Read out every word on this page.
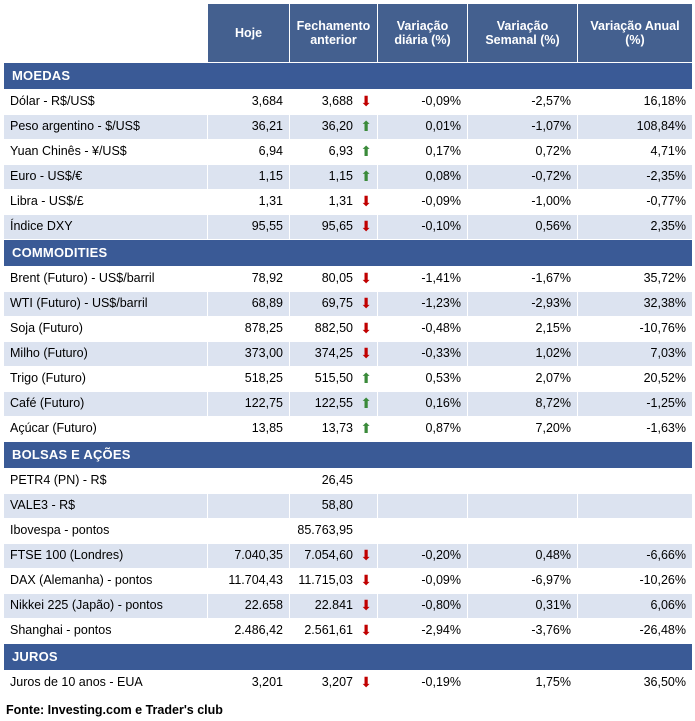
	Hoje	Fechamento anterior	Variação diária (%)	Variação Semanal (%)	Variação Anual (%)
MOEDAS					
Dólar - R$/US$	3,684	3,688 ⬇	-0,09%	-2,57%	16,18%
Peso argentino - $/US$	36,21	36,20 ⬆	0,01%	-1,07%	108,84%
Yuan Chinês - ¥/US$	6,94	6,93 ⬆	0,17%	0,72%	4,71%
Euro - US$/€	1,15	1,15 ⬆	0,08%	-0,72%	-2,35%
Libra - US$/£	1,31	1,31 ⬇	-0,09%	-1,00%	-0,77%
Índice DXY	95,55	95,65 ⬇	-0,10%	0,56%	2,35%
COMMODITIES					
Brent (Futuro) - US$/barril	78,92	80,05 ⬇	-1,41%	-1,67%	35,72%
WTI (Futuro) - US$/barril	68,89	69,75 ⬇	-1,23%	-2,93%	32,38%
Soja (Futuro)	878,25	882,50 ⬇	-0,48%	2,15%	-10,76%
Milho (Futuro)	373,00	374,25 ⬇	-0,33%	1,02%	7,03%
Trigo (Futuro)	518,25	515,50 ⬆	0,53%	2,07%	20,52%
Café (Futuro)	122,75	122,55 ⬆	0,16%	8,72%	-1,25%
Açúcar (Futuro)	13,85	13,73 ⬆	0,87%	7,20%	-1,63%
BOLSAS E AÇÕES					
PETR4 (PN) - R$		26,45			
VALE3 - R$		58,80			
Ibovespa - pontos		85.763,95			
FTSE 100 (Londres)	7.040,35	7.054,60 ⬇	-0,20%	0,48%	-6,66%
DAX (Alemanha) - pontos	11.704,43	11.715,03 ⬇	-0,09%	-6,97%	-10,26%
Nikkei 225 (Japão) - pontos	22.658	22.841 ⬇	-0,80%	0,31%	6,06%
Shanghai - pontos	2.486,42	2.561,61 ⬇	-2,94%	-3,76%	-26,48%
JUROS					
Juros de 10 anos - EUA	3,201	3,207 ⬇	-0,19%	1,75%	36,50%
Fonte: Investing.com e Trader's club
